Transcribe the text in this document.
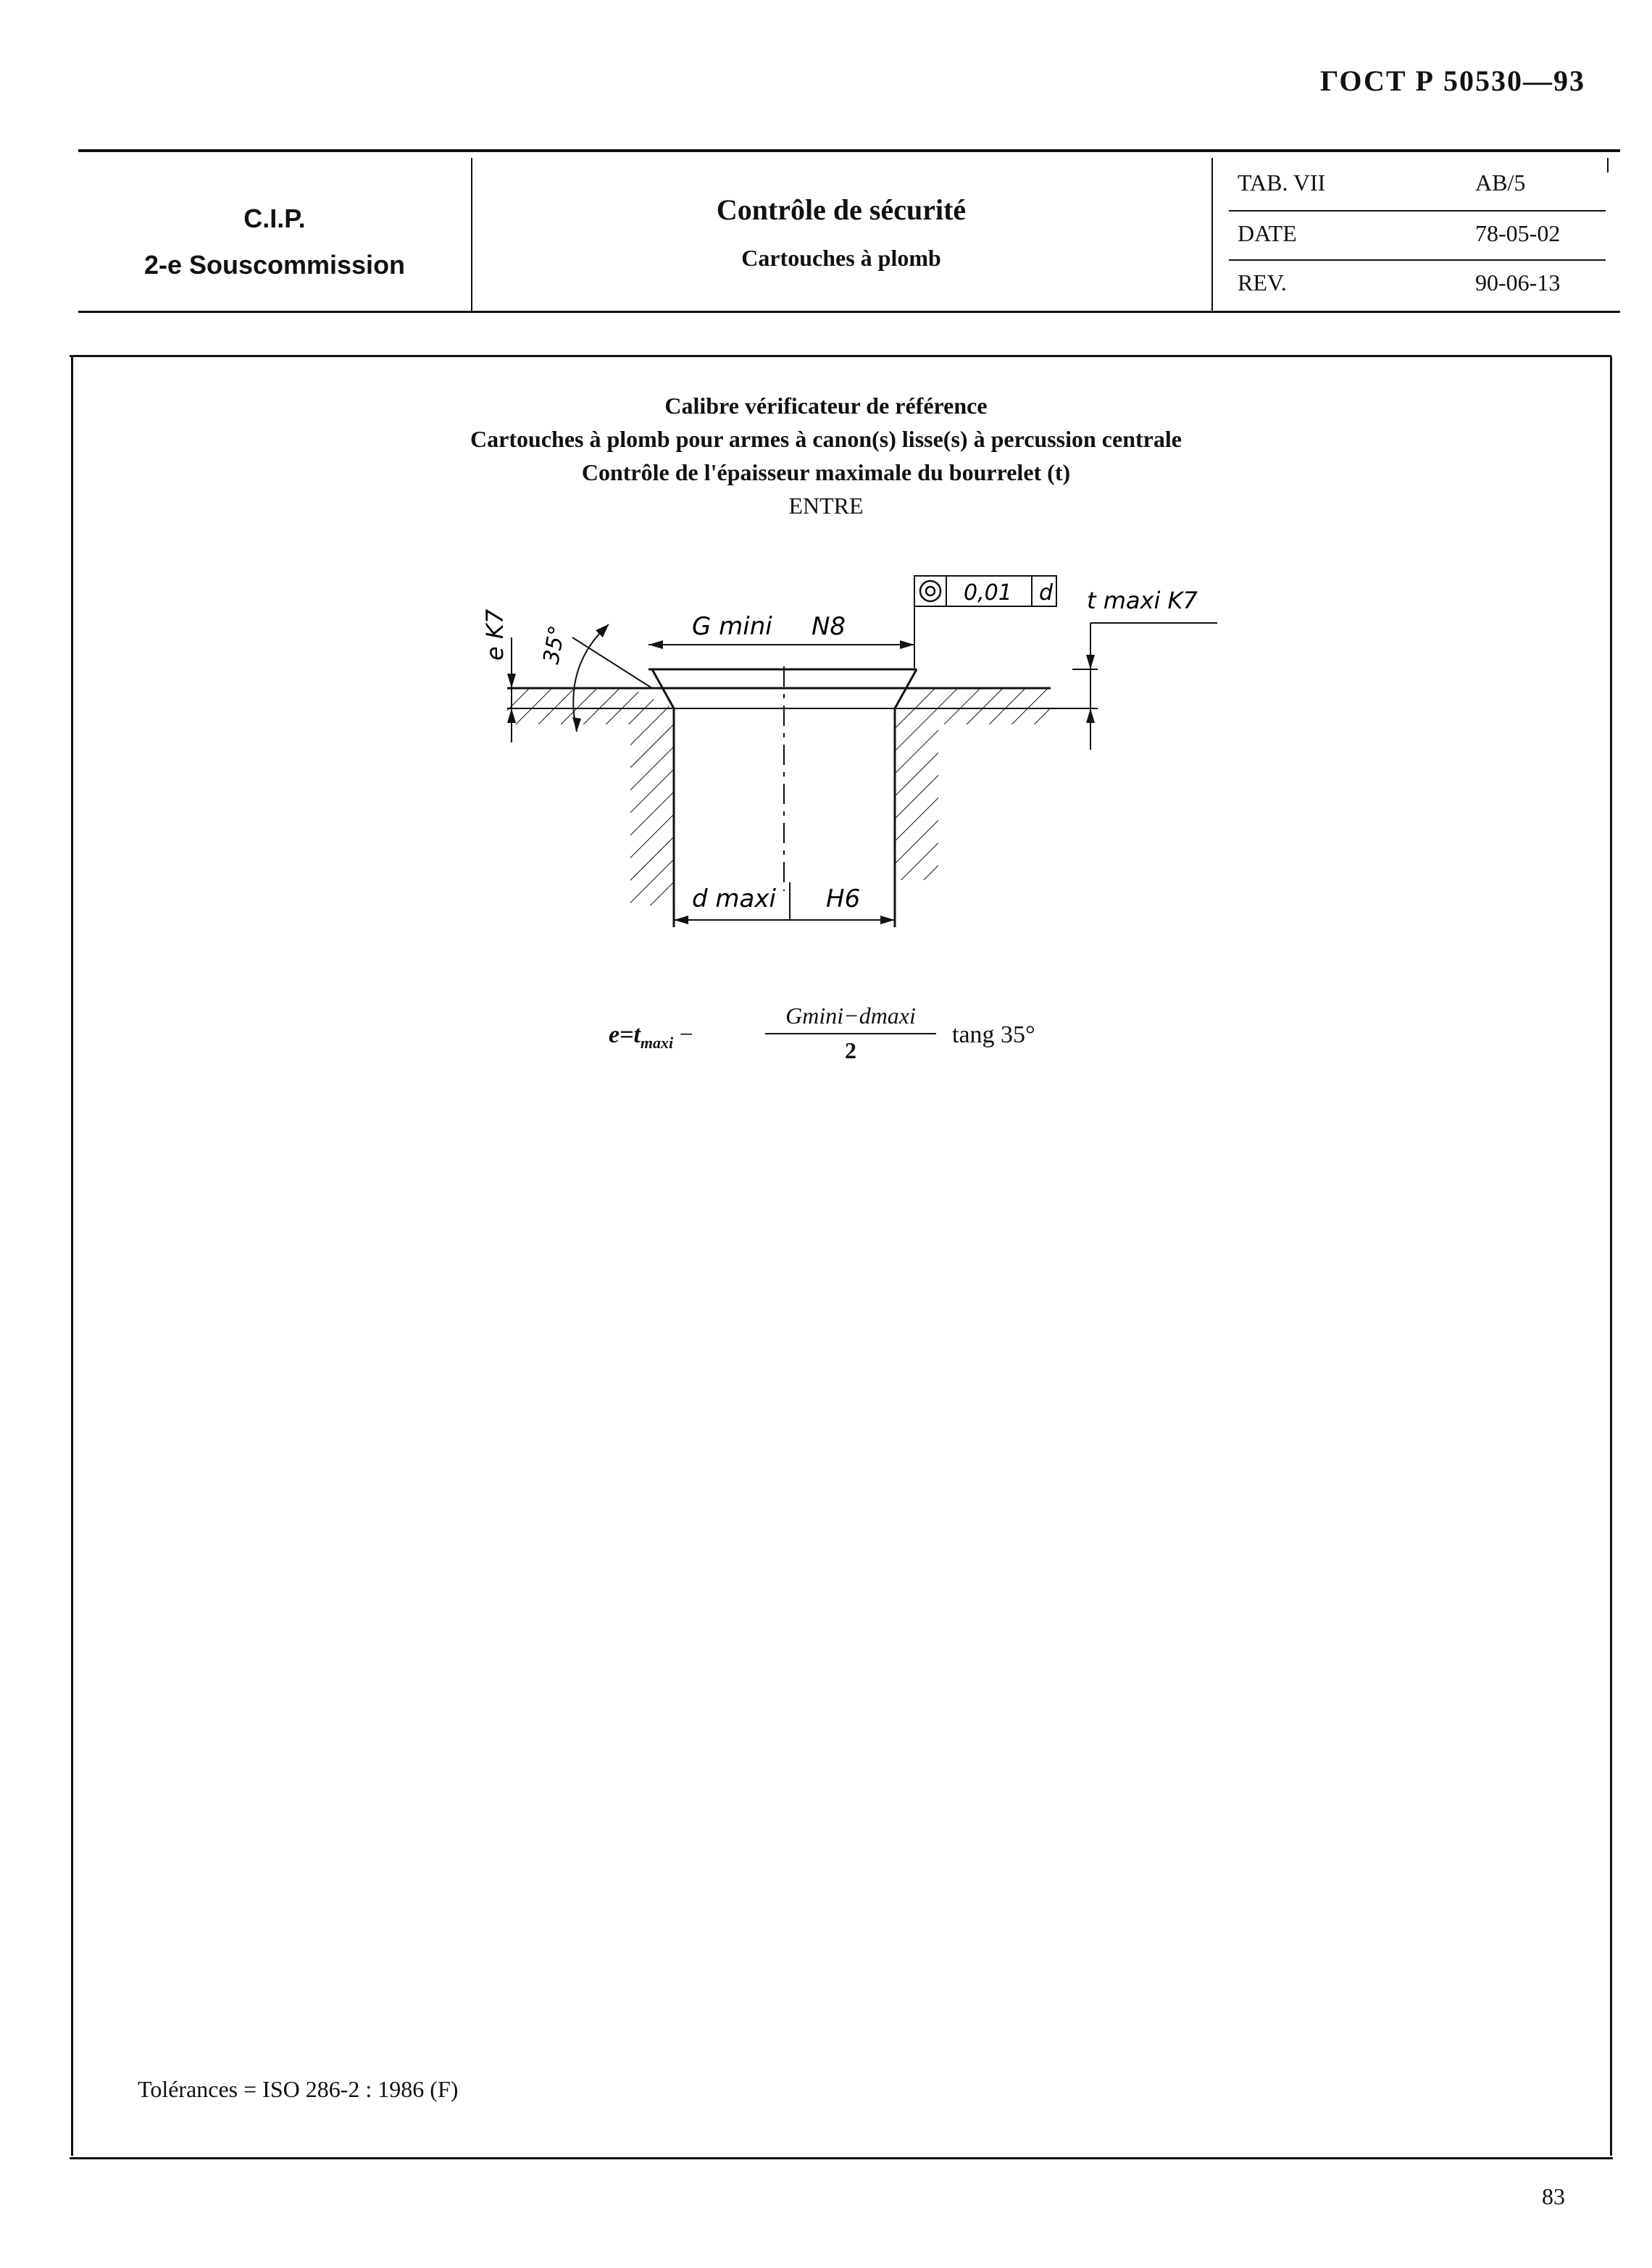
ГОСТ Р 50530—93
C.I.P.
2-e Souscommission
Contrôle de sécurité
Cartouches à plomb
TAB. VII	AB/5
DATE	78-05-02
REV.	90-06-13
Calibre vérificateur de référence
Cartouches à plomb pour armes à canon(s) lisse(s) à percussion centrale
Contrôle de l'épaisseur maximale du bourrelet (t)
ENTRE
G mini N8
d maxi H6
0,01 d t maxi K7
e K7 35°
$e=t_{maxi}$ −
Gmini−dmaxi
2
tang 35°
Tolérances = ISO 286-2 : 1986 (F)
83
